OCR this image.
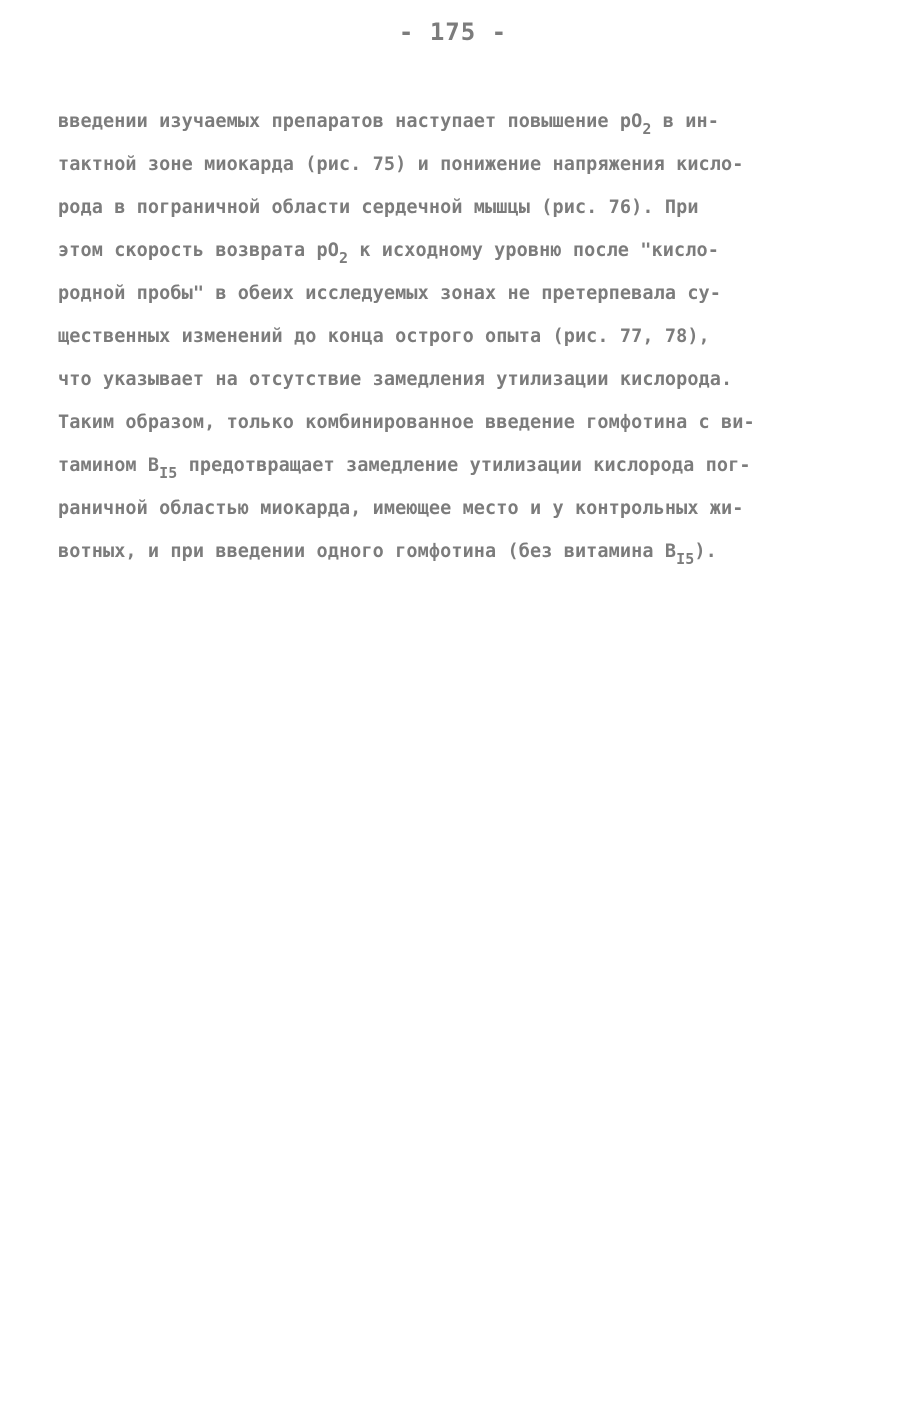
- 175 -
введении изучаемых препаратов наступает повышение $pO_2$ в ин-
тактной зоне миокарда (рис. 75) и понижение напряжения кисло-
рода в пограничной области сердечной мышцы (рис. 76). При
этом скорость возврата $pO_2$ к исходному уровню после "кисло-
родной пробы" в обеих исследуемых зонах не претерпевала су-
щественных изменений до конца острого опыта (рис. 77, 78),
что указывает на отсутствие замедления утилизации кислорода.
Таким образом, только комбинированное введение гомфотина с ви-
тамином $B_{I5}$ предотвращает замедление утилизации кислорода пог-
раничной областью миокарда, имеющее место и у контрольных жи-
вотных, и при введении одного гомфотина (без витамина $B_{I5}$).
